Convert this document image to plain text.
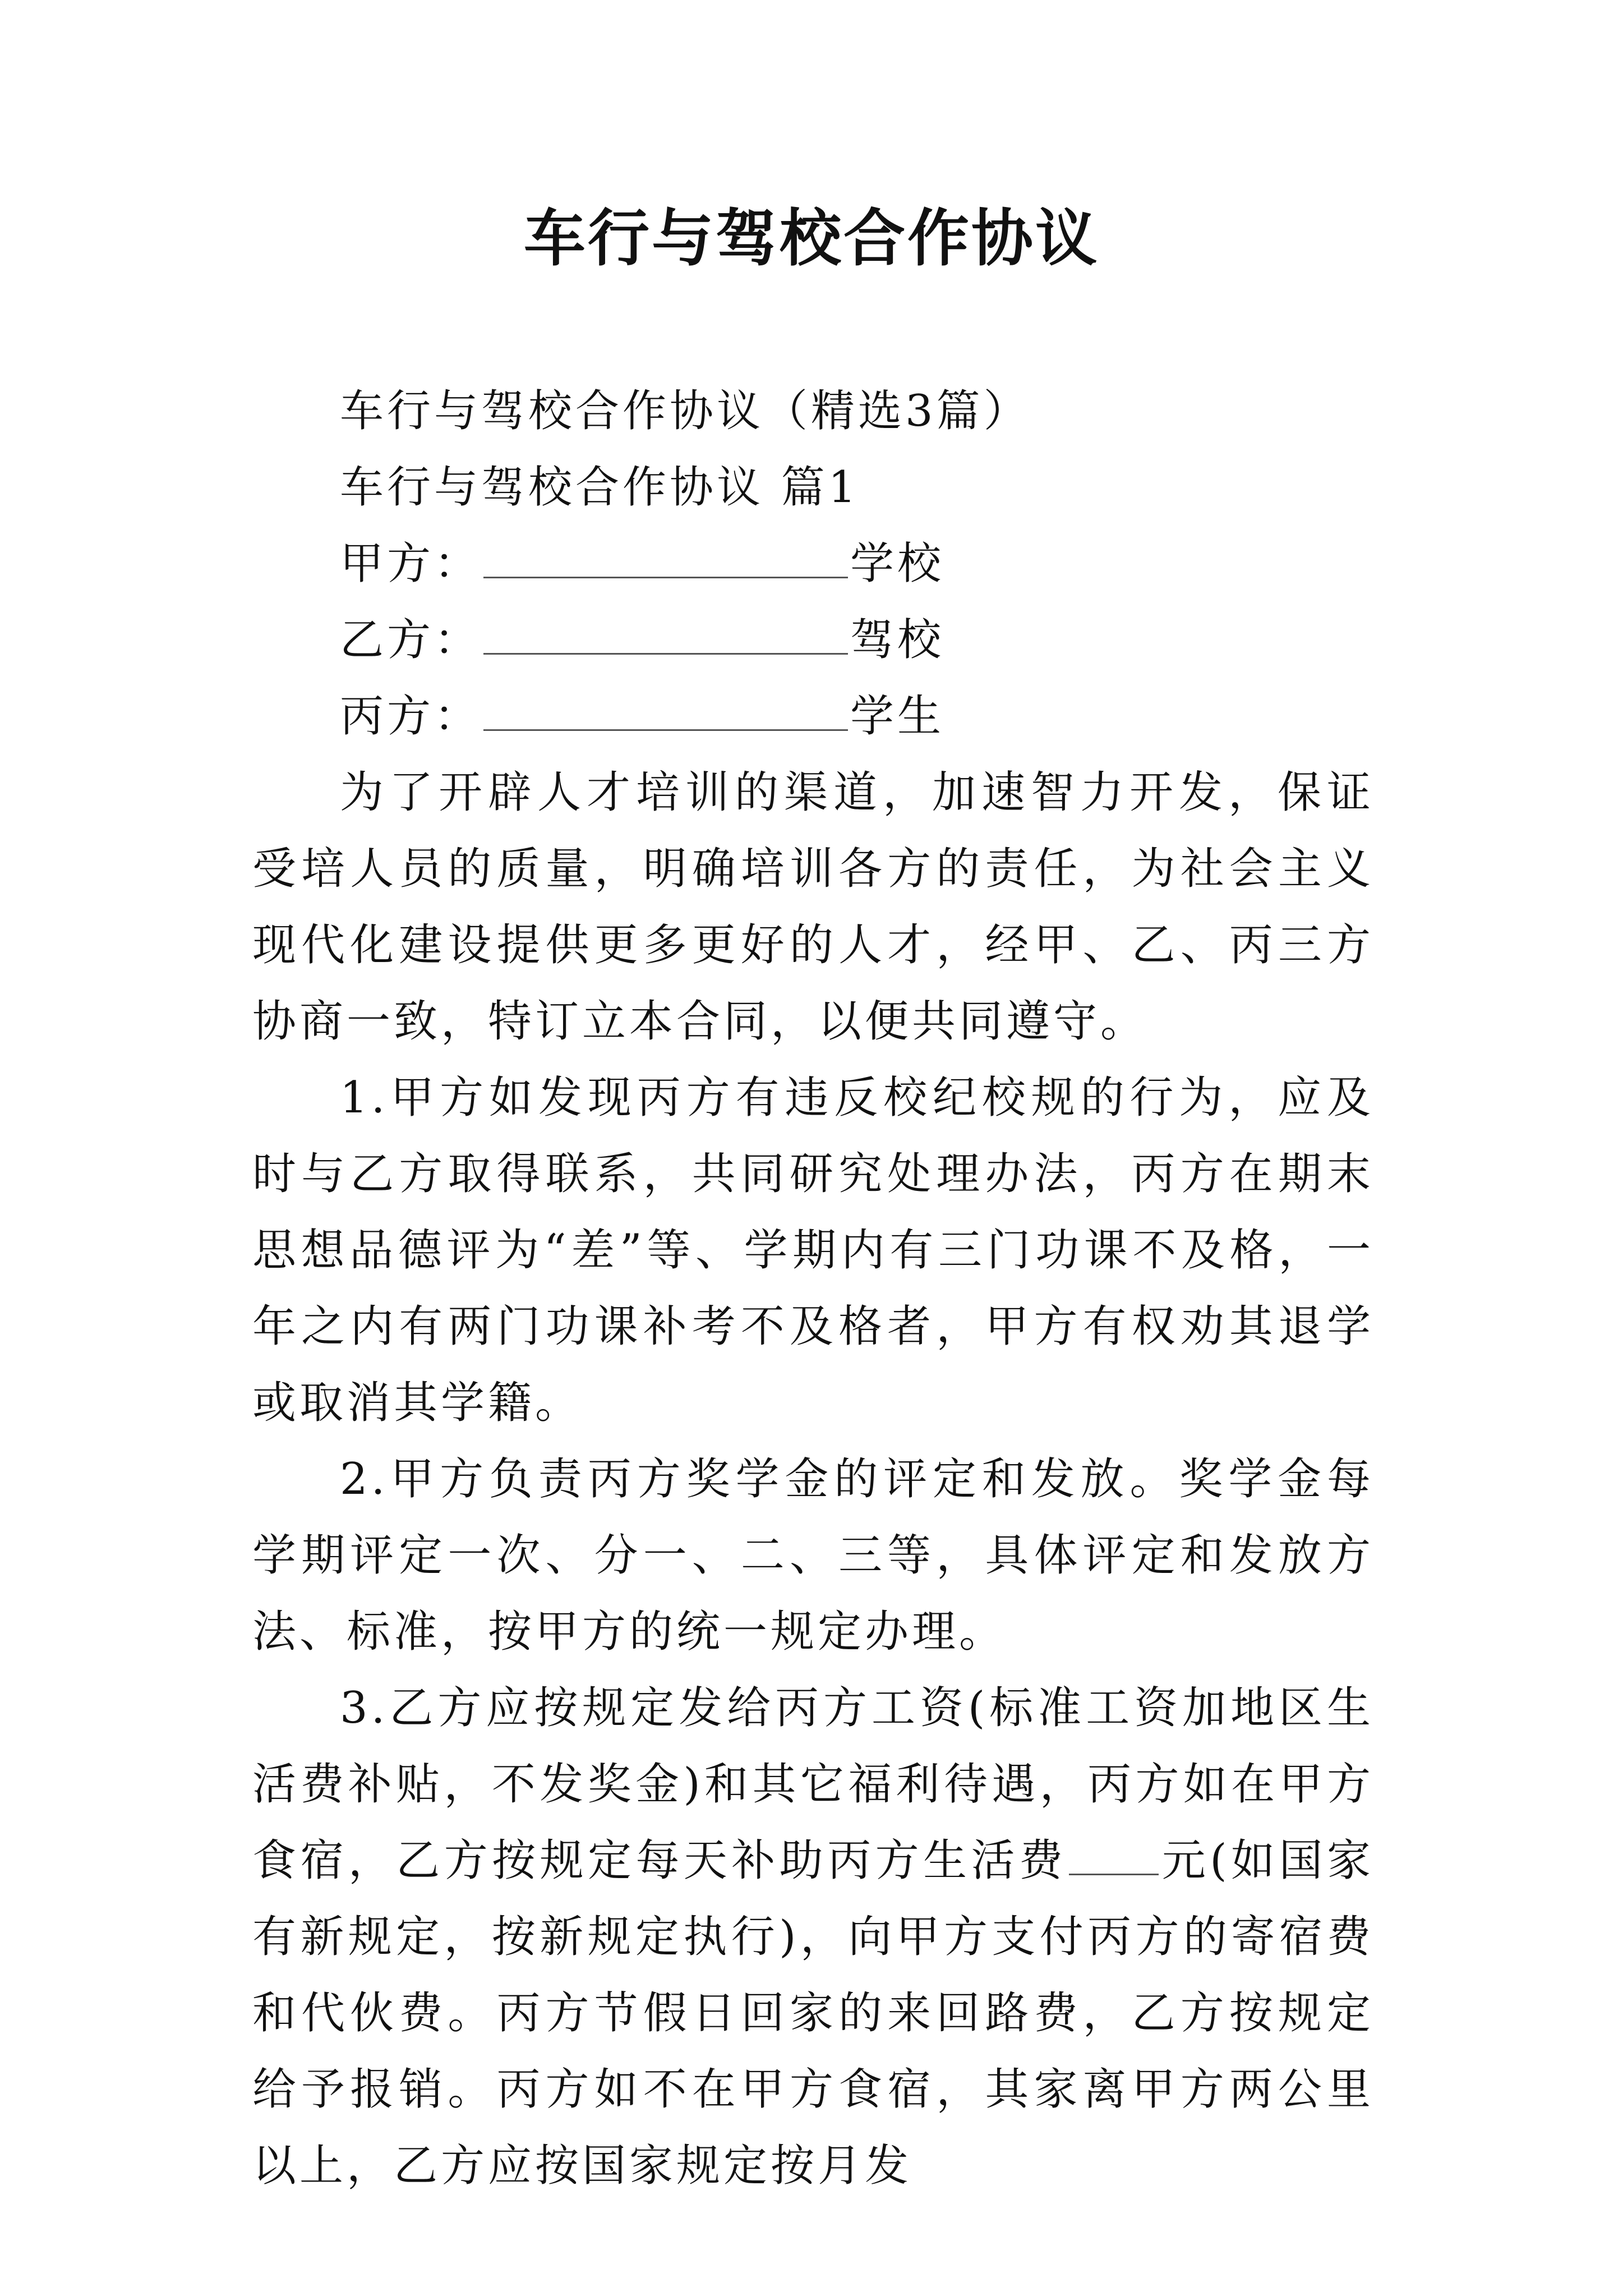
车行与驾校合作协议

车行与驾校合作协议（精选3篇）

车行与驾校合作协议 篇1

甲方：	学校

乙方：	驾校

丙方：	学生

为了开辟人才培训的渠道，加速智力开发，保证受培人员的质量，明确培训各方的责任，为社会主义现代化建设提供更多更好的人才，经甲、乙、丙三方协商一致，特订立本合同，以便共同遵守。

1.甲方如发现丙方有违反校纪校规的行为，应及时与乙方取得联系，共同研究处理办法，丙方在期末思想品德评为“差”等、学期内有三门功课不及格，一年之内有两门功课补考不及格者，甲方有权劝其退学或取消其学籍。

2.甲方负责丙方奖学金的评定和发放。奖学金每学期评定一次、分一、二、三等，具体评定和发放方法、标准，按甲方的统一规定办理。

3.乙方应按规定发给丙方工资(标准工资加地区生活费补贴，不发奖金)和其它福利待遇，丙方如在甲方食宿，乙方按规定每天补助丙方生活费 元(如国家有新规定，按新规定执行)，向甲方支付丙方的寄宿费和代伙费。丙方节假日回家的来回路费，乙方按规定给予报销。丙方如不在甲方食宿，其家离甲方两公里以上，乙方应按国家规定按月发
